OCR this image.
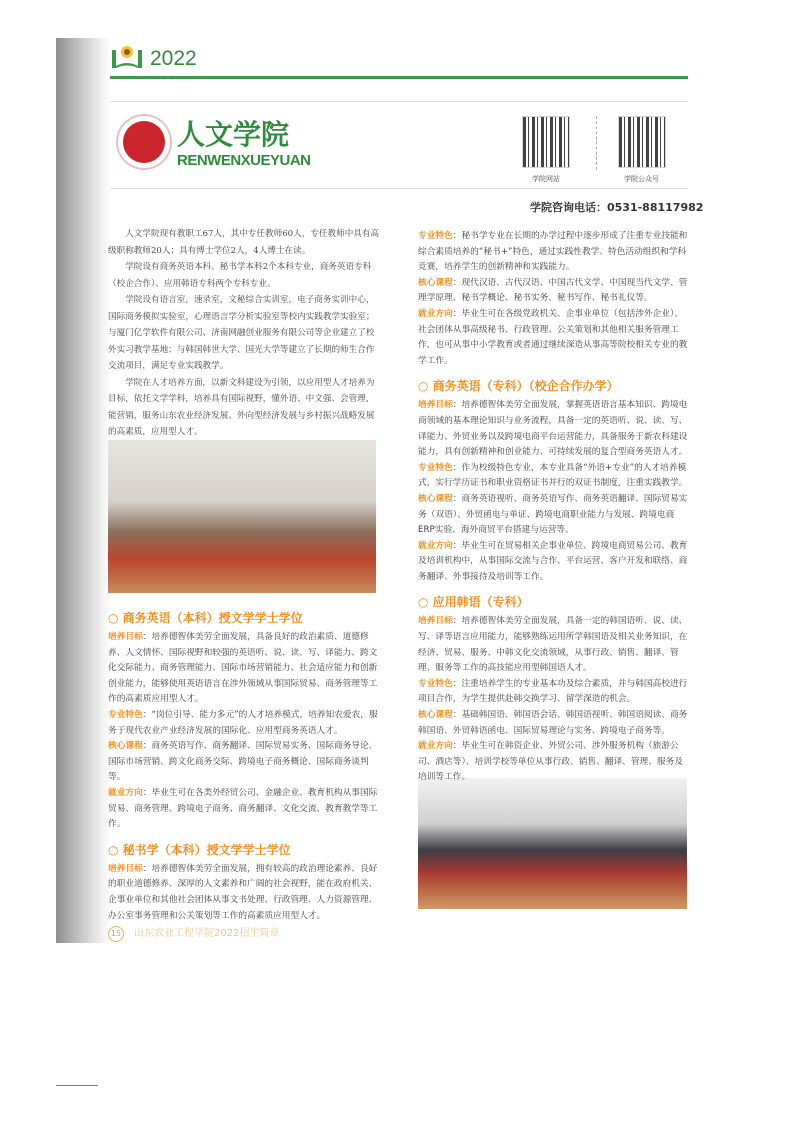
2022
人文学院
RENWENXUEYUAN
学院网站	学院公众号
学院咨询电话：0531-88117982

人文学院现有教职工67人，其中专任教师60人，专任教师中具有高级职称教师20人；具有博士学位2人，4人博士在读。

学院设有商务英语本科、秘书学本科2个本科专业，商务英语专科（校企合作）、应用韩语专科两个专科专业。

学院设有语言室，速录室，文秘综合实训室，电子商务实训中心，国际商务模拟实验室，心理语言学分析实验室等校内实践教学实验室；与厦门亿学软件有限公司、济南网融创业服务有限公司等企业建立了校外实习教学基地；与韩国韩世大学、国光大学等建立了长期的师生合作交流项目，满足专业实践教学。

学院在人才培养方面，以新文科建设为引领，以应用型人才培养为目标，依托文学学科，培养具有国际视野，懂外语、中文强、会管理，能营销，服务山东农业经济发展、外向型经济发展与乡村振兴战略发展的高素质，应用型人才。

○ 商务英语（本科）授文学学士学位

培养目标：培养德智体美劳全面发展，具备良好的政治素质、道德修养、人文情怀、国际视野和较强的英语听、说、读、写、译能力、跨文化交际能力、商务管理能力、国际市场营销能力、社会适应能力和创新创业能力，能够使用英语语言在涉外领域从事国际贸易、商务管理等工作的高素质应用型人才。

专业特色：“岗位引导、能力多元”的人才培养模式，培养知农爱农，服务于现代农业产业经济发展的国际化、应用型商务英语人才。

核心课程：商务英语写作、商务翻译、国际贸易实务、国际商务导论、国际市场营销、跨文化商务交际、跨境电子商务概论、国际商务谈判等。

就业方向：毕业生可在各类外经贸公司、金融企业、教育机构从事国际贸易、商务管理、跨境电子商务、商务翻译、文化交流、教育教学等工作。

○ 秘书学（本科）授文学学士学位

培养目标：培养德智体美劳全面发展，拥有较高的政治理论素养、良好的职业道德修养、深厚的人文素养和广阔的社会视野，能在政府机关、企事业单位和其他社会团体从事文书处理、行政管理、人力资源管理、办公室事务管理和公关策划等工作的高素质应用型人才。

专业特色：秘书学专业在长期的办学过程中逐步形成了注重专业技能和综合素质培养的“秘书+”特色，通过实践性教学、特色活动组织和学科竞赛，培养学生的创新精神和实践能力。

核心课程：现代汉语、古代汉语、中国古代文学、中国现当代文学、管理学原理、秘书学概论、秘书实务、秘书写作、秘书礼仪等。

就业方向：毕业生可在各级党政机关、企事业单位（包括涉外企业）、社会团体从事高级秘书、行政管理、公关策划和其他相关服务管理工作，也可从事中小学教育或者通过继续深造从事高等院校相关专业的教学工作。

○ 商务英语（专科）（校企合作办学）

培养目标：培养德智体美劳全面发展，掌握英语语言基本知识、跨境电商领域的基本理论知识与业务流程，具备一定的英语听、说、读、写、译能力、外贸业务以及跨境电商平台运营能力，具备服务于新农科建设能力，具有创新精神和创业能力、可持续发展的复合型商务英语人才。

专业特色：作为校级特色专业，本专业具备“外语+专业”的人才培养模式，实行学历证书和职业资格证书并行的双证书制度，注重实践教学。

核心课程：商务英语视听、商务英语写作、商务英语翻译、国际贸易实务（双语）、外贸函电与单证、跨境电商职业能力与发展、跨境电商ERP实验、海外商贸平台搭建与运营等。

就业方向：毕业生可在贸易相关企事业单位、跨境电商贸易公司、教育及培训机构中，从事国际交流与合作、平台运营、客户开发和联络、商务翻译、外事接待及培训等工作。

○ 应用韩语（专科）

培养目标：培养德智体美劳全面发展，具备一定的韩国语听、说、读、写、译等语言应用能力，能够熟练运用所学韩国语及相关业务知识，在经济、贸易、服务、中韩文化交流领域，从事行政、销售、翻译、管理、服务等工作的高技能应用型韩国语人才。

专业特色：注重培养学生的专业基本功及综合素质，并与韩国高校进行项目合作，为学生提供赴韩交换学习、留学深造的机会。

核心课程：基础韩国语、韩国语会话、韩国语视听、韩国语阅读、商务韩国语、外贸韩语函电、国际贸易理论与实务、跨境电子商务等。

就业方向：毕业生可在韩资企业、外贸公司、涉外服务机构（旅游公司、酒店等）、培训学校等单位从事行政、销售、翻译、管理、服务及培训等工作。

15 山东农业工程学院2022招生简章
